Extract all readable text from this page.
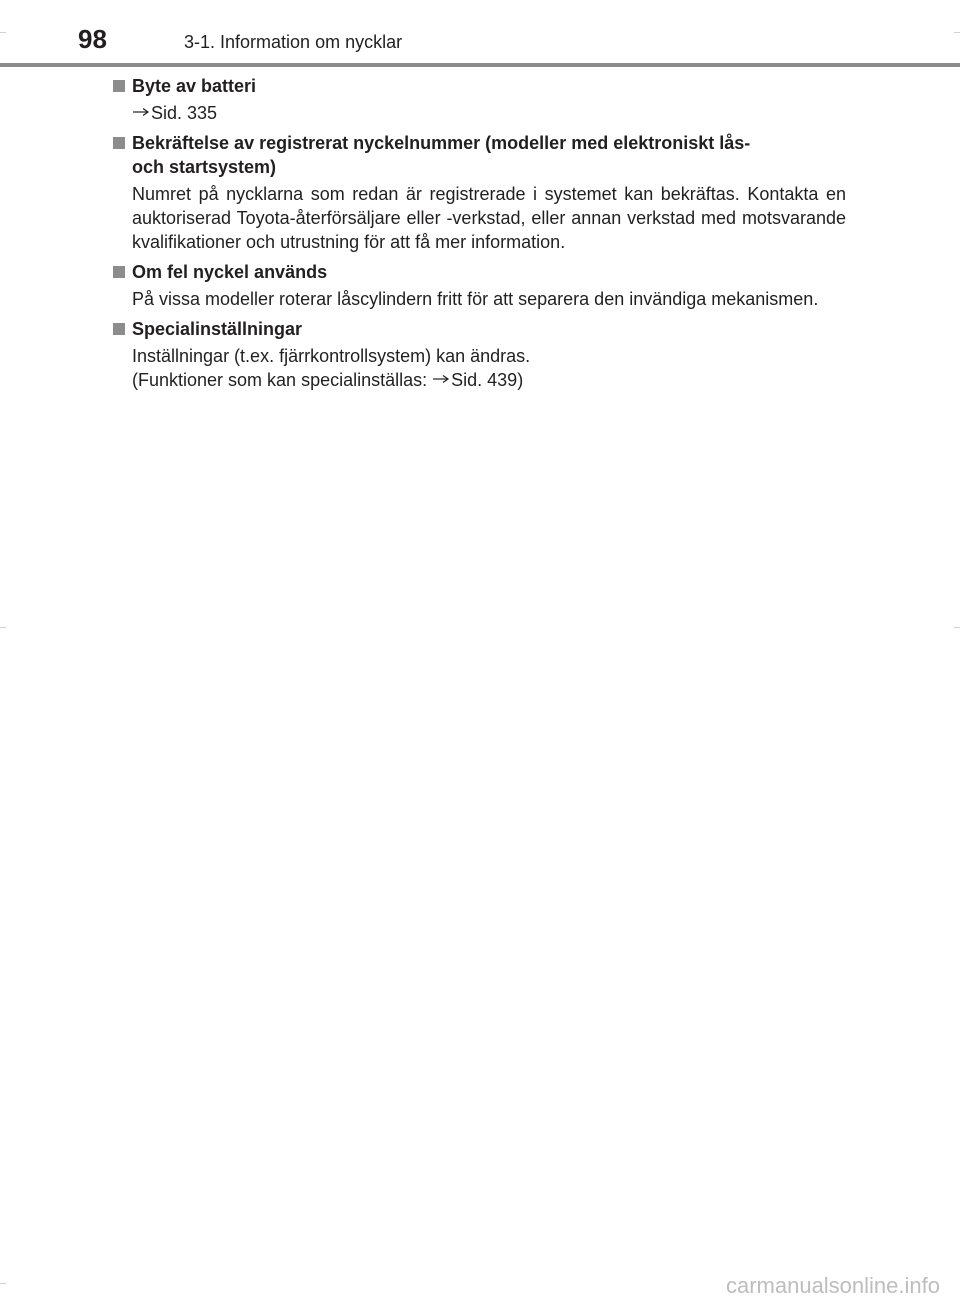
98	3-1. Information om nycklar
Byte av batteri
Sid. 335
Bekräftelse av registrerat nyckelnummer (modeller med elektroniskt lås-
och startsystem)
Numret på nycklarna som redan är registrerade i systemet kan bekräftas. Kontakta en auktoriserad Toyota-återförsäljare eller -verkstad, eller annan verkstad med motsvarande kvalifikationer och utrustning för att få mer information.
Om fel nyckel används
På vissa modeller roterar låscylindern fritt för att separera den invändiga mekanismen.
Specialinställningar
Inställningar (t.ex. fjärrkontrollsystem) kan ändras.
(Funktioner som kan specialinställas: Sid. 439)
carmanualsonline.info
